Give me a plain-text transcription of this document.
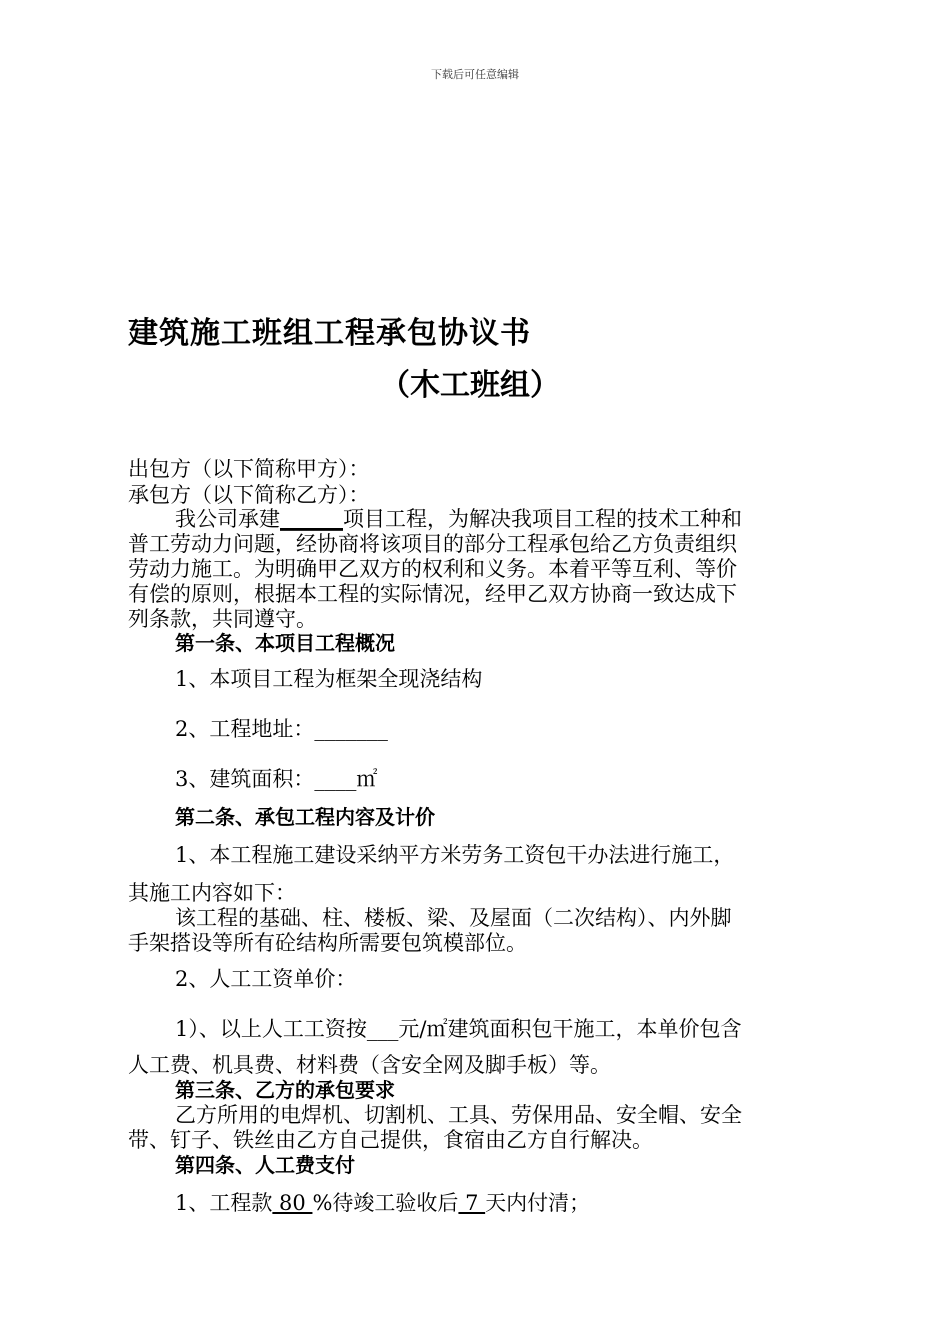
下载后可任意编辑
建筑施工班组工程承包协议书
（木工班组）
出包方（以下简称甲方）：
承包方（以下简称乙方）：
我公司承建______项目工程，为解决我项目工程的技术工种和
普工劳动力问题，经协商将该项目的部分工程承包给乙方负责组织
劳动力施工。为明确甲乙双方的权利和义务。本着平等互利、等价
有偿的原则，根据本工程的实际情况，经甲乙双方协商一致达成下
列条款，共同遵守。
第一条、本项目工程概况
1、本项目工程为框架全现浇结构
2、工程地址：_______
3、建筑面积：____㎡
第二条、承包工程内容及计价
1、本工程施工建设采纳平方米劳务工资包干办法进行施工，
其施工内容如下：
该工程的基础、柱、楼板、梁、及屋面（二次结构）、内外脚
手架搭设等所有砼结构所需要包筑模部位。
2、人工工资单价：
1）、以上人工工资按___元/㎡建筑面积包干施工，本单价包含
人工费、机具费、材料费（含安全网及脚手板）等。
第三条、乙方的承包要求
乙方所用的电焊机、切割机、工具、劳保用品、安全帽、安全
带、钉子、铁丝由乙方自己提供，食宿由乙方自行解决。
第四条、人工费支付
1、工程款 80 %待竣工验收后 7 天内付清；
